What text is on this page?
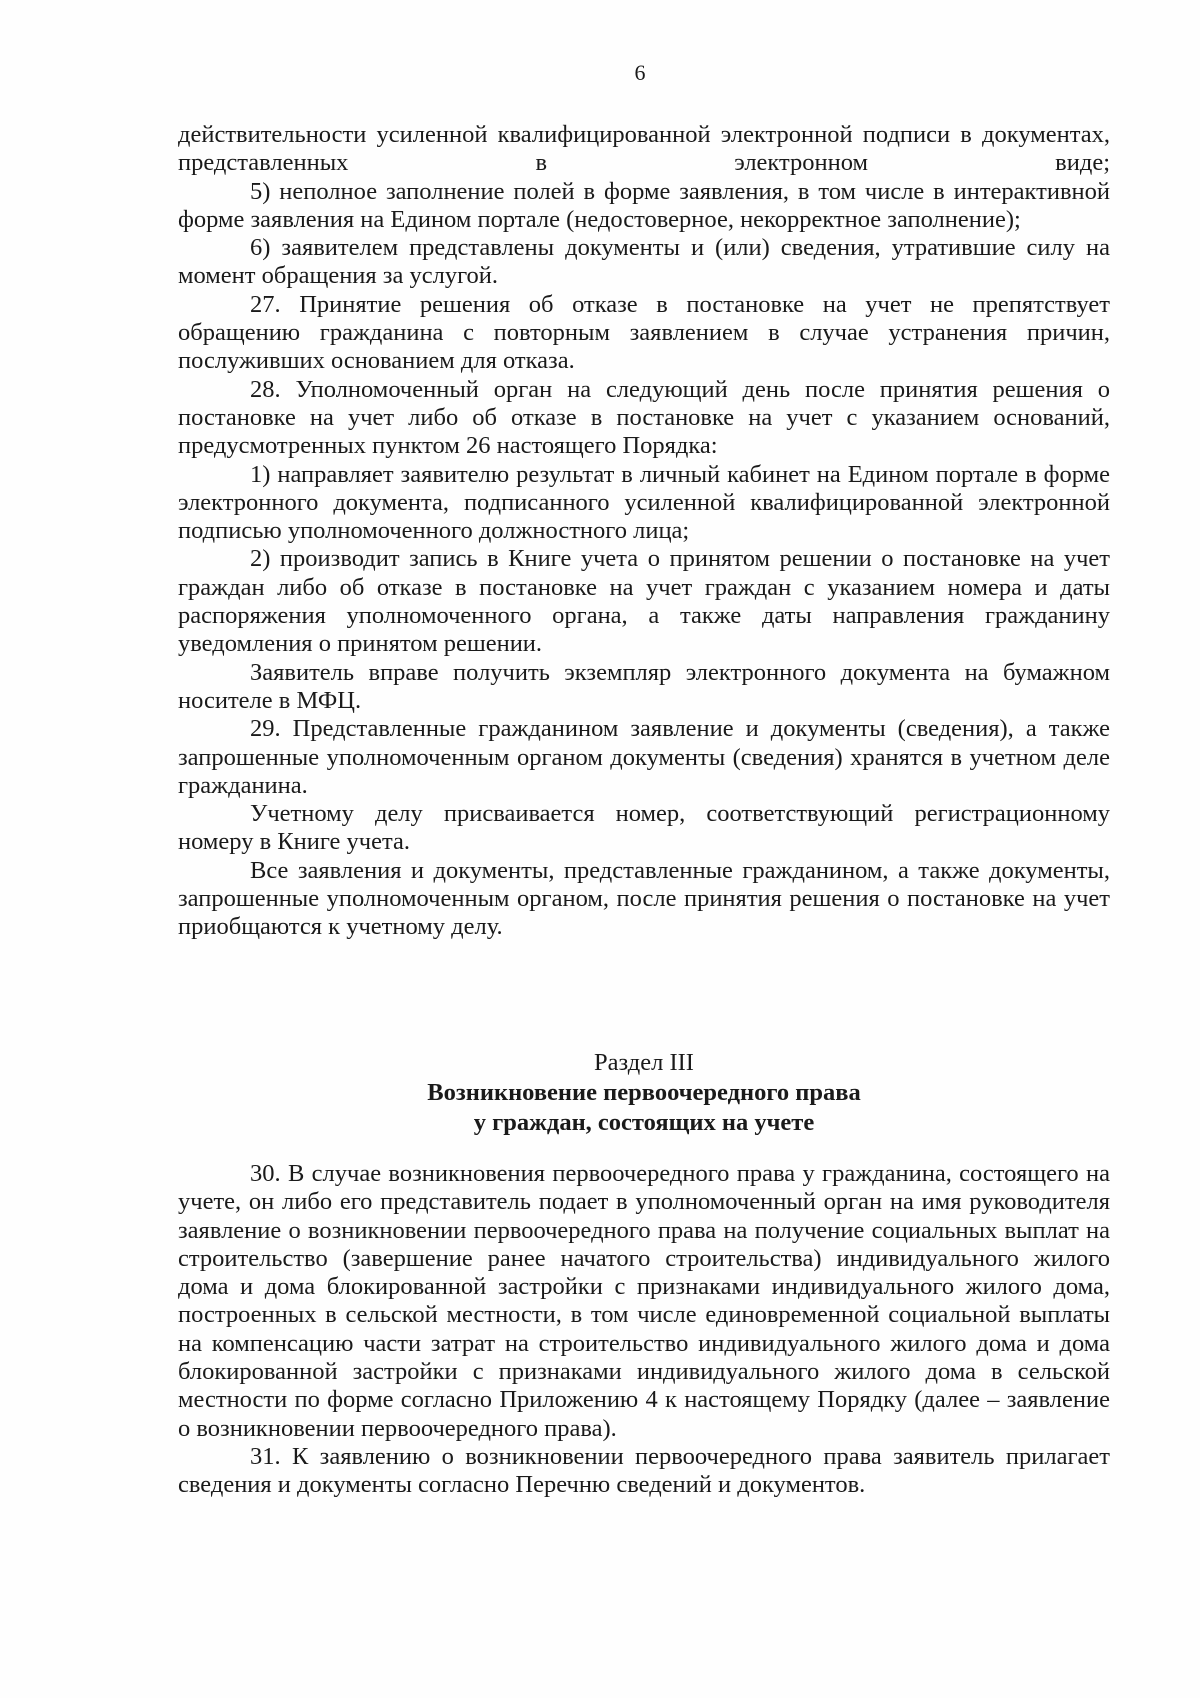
6

действительности усиленной квалифицированной электронной подписи в документах, представленных в электронном виде;

5) неполное заполнение полей в форме заявления, в том числе в интерактивной форме заявления на Едином портале (недостоверное, некорректное заполнение);

6) заявителем представлены документы и (или) сведения, утратившие силу на момент обращения за услугой.

27. Принятие решения об отказе в постановке на учет не препятствует обращению гражданина с повторным заявлением в случае устранения причин, послуживших основанием для отказа.

28. Уполномоченный орган на следующий день после принятия решения о постановке на учет либо об отказе в постановке на учет с указанием оснований, предусмотренных пунктом 26 настоящего Порядка:

1) направляет заявителю результат в личный кабинет на Едином портале в форме электронного документа, подписанного усиленной квалифицированной электронной подписью уполномоченного должностного лица;

2) производит запись в Книге учета о принятом решении о постановке на учет граждан либо об отказе в постановке на учет граждан с указанием номера и даты распоряжения уполномоченного органа, а также даты направления гражданину уведомления о принятом решении.

Заявитель вправе получить экземпляр электронного документа на бумажном носителе в МФЦ.

29. Представленные гражданином заявление и документы (сведения), а также запрошенные уполномоченным органом документы (сведения) хранятся в учетном деле гражданина.

Учетному делу присваивается номер, соответствующий регистрационному номеру в Книге учета.

Все заявления и документы, представленные гражданином, а также документы, запрошенные уполномоченным органом, после принятия решения о постановке на учет приобщаются к учетному делу.

Раздел III

Возникновение первоочередного права

у граждан, состоящих на учете

30. В случае возникновения первоочередного права у гражданина, состоящего на учете, он либо его представитель подает в уполномоченный орган на имя руководителя заявление о возникновении первоочередного права на получение социальных выплат на строительство (завершение ранее начатого строительства) индивидуального жилого дома и дома блокированной застройки с признаками индивидуального жилого дома, построенных в сельской местности, в том числе единовременной социальной выплаты на компенсацию части затрат на строительство индивидуального жилого дома и дома блокированной застройки с признаками индивидуального жилого дома в сельской местности по форме согласно Приложению 4 к настоящему Порядку (далее – заявление о возникновении первоочередного права).

31. К заявлению о возникновении первоочередного права заявитель прилагает сведения и документы согласно Перечню сведений и документов.
